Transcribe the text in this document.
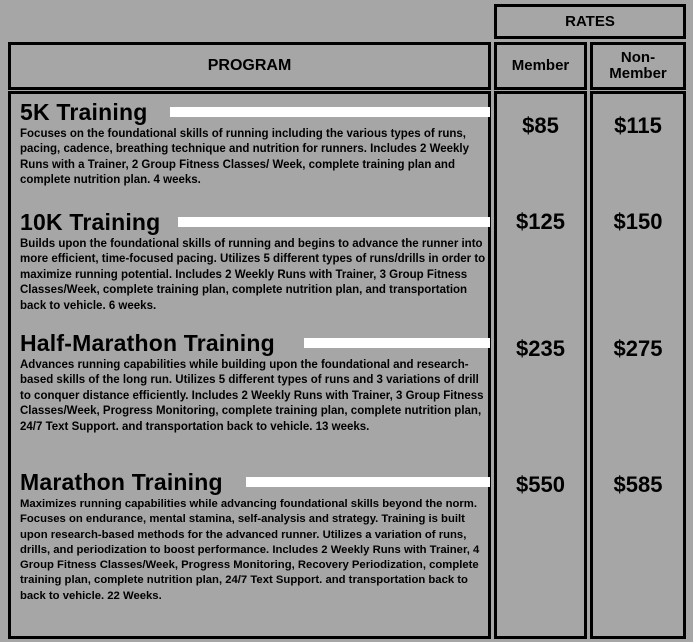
RATES
PROGRAM	Member	Non-
Member
5K Training

Focuses on the foundational skills of running including the various types of runs, pacing, cadence, breathing technique and nutrition for runners. Includes 2 Weekly Runs with a Trainer, 2 Group Fitness Classes/ Week, complete training plan and complete nutrition plan. 4 weeks.

$85	$115
10K Training

Builds upon the foundational skills of running and begins to advance the runner into more efficient, time-focused pacing. Utilizes 5 different types of runs/drills in order to maximize running potential. Includes 2 Weekly Runs with Trainer, 3 Group Fitness Classes/Week, complete training plan, complete nutrition plan, and transportation back to vehicle. 6 weeks.

$125	$150
Half-Marathon Training

Advances running capabilities while building upon the foundational and research-based skills of the long run. Utilizes 5 different types of runs and 3 variations of drill to conquer distance efficiently. Includes 2 Weekly Runs with Trainer, 3 Group Fitness Classes/Week, Progress Monitoring, complete training plan, complete nutrition plan, 24/7 Text Support. and transportation back to vehicle. 13 weeks.

$235	$275
Marathon Training

Maximizes running capabilities while advancing foundational skills beyond the norm. Focuses on endurance, mental stamina, self-analysis and strategy. Training is built upon research-based methods for the advanced runner. Utilizes a variation of runs, drills, and periodization to boost performance. Includes 2 Weekly Runs with Trainer, 4 Group Fitness Classes/Week, Progress Monitoring, Recovery Periodization, complete training plan, complete nutrition plan, 24/7 Text Support. and transportation back to back to vehicle. 22 Weeks.

$550	$585
